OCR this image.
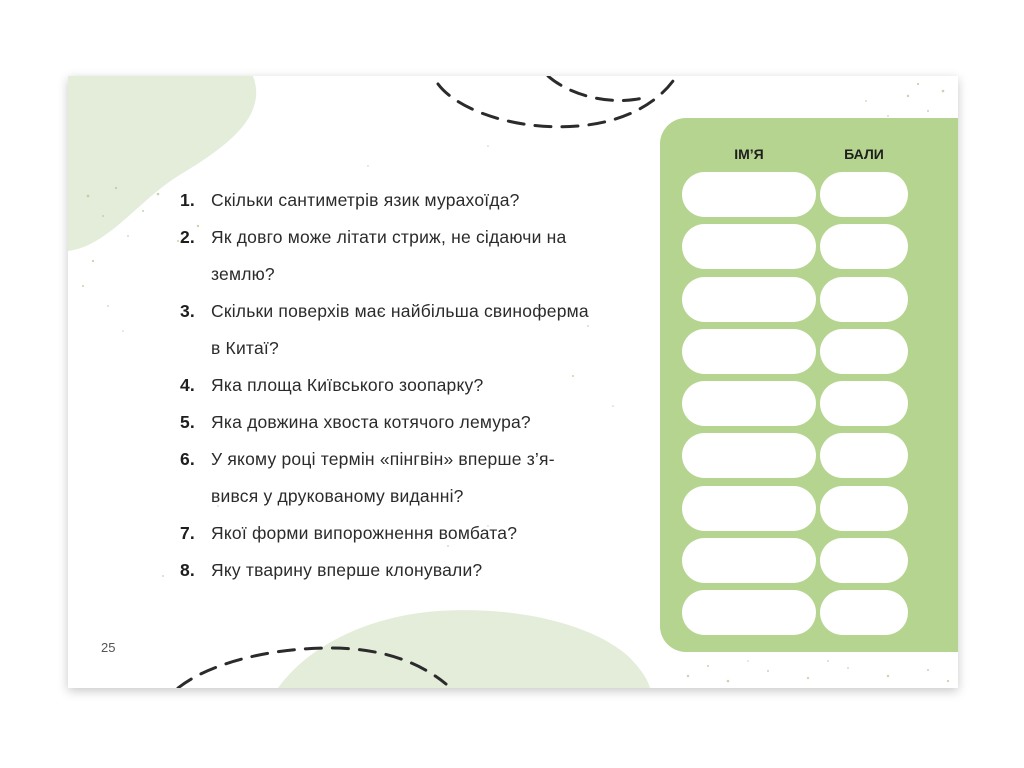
1. Скільки сантиметрів язик мурахоїда?
2. Як довго може літати стриж, не сідаючи на землю?
3. Скільки поверхів має найбільша свиноферма в Китаї?
4. Яка площа Київського зоопарку?
5. Яка довжина хвоста котячого лемура?
6. У якому році термін «пінгвін» вперше з’я-вився у друкованому виданні?
7. Якої форми випорожнення вомбата?
8. Яку тварину вперше клонували?
25
ІМ’Я	БАЛИ
